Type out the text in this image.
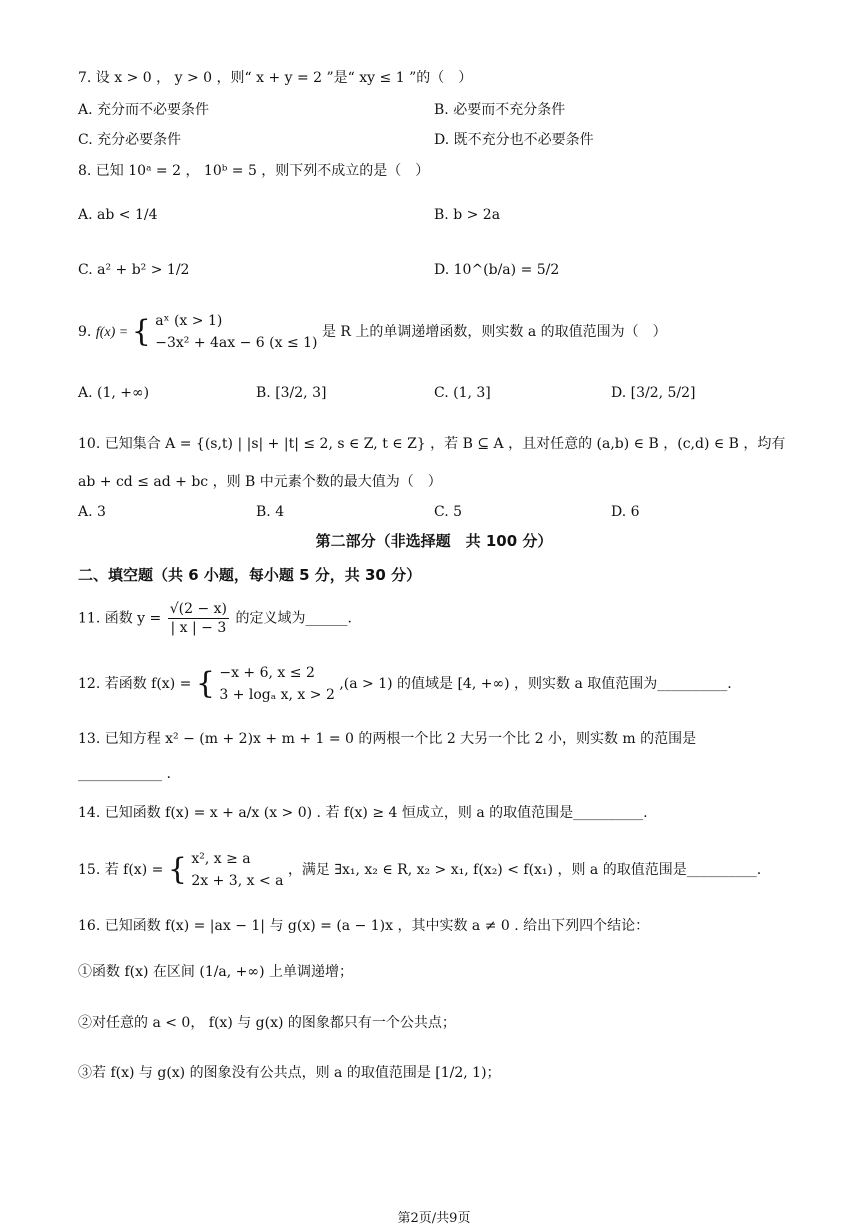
7. 设 x > 0 ， y > 0 ，则“ x + y = 2 ”是“ xy ≤ 1 ”的（　）
A. 充分而不必要条件	B. 必要而不充分条件
C. 充分必要条件	D. 既不充分也不必要条件
8. 已知 10ᵃ = 2 ， 10ᵇ = 5 ，则下列不成立的是（　）
A. ab < 1/4	B. b > 2a
C. a² + b² > 1/2	D. 10^(b/a) = 5/2
9. f(x) = { aˣ (x > 1)
−3x² + 4ax − 6 (x ≤ 1)
是 R 上的单调递增函数，则实数 a 的取值范围为（　）
A. (1, +∞)	B. [3/2, 3]	C. (1, 3]	D. [3/2, 5/2]
10. 已知集合 A = {(s,t) | |s| + |t| ≤ 2, s ∈ Z, t ∈ Z} ，若 B ⊆ A ，且对任意的 (a,b) ∈ B ，(c,d) ∈ B ，均有
ab + cd ≤ ad + bc ，则 B 中元素个数的最大值为（　）
A. 3	B. 4	C. 5	D. 6
第二部分（非选择题　共 100 分）
二、填空题（共 6 小题，每小题 5 分，共 30 分）
11. 函数 $y = \frac{√(2 - x)}{| x | - 3}$ 的定义域为______.
12. 若函数 f(x) = { −x + 6, x ≤ 2
3 + logₐ x, x > 2
,(a > 1) 的值域是 [4, +∞) ，则实数 a 取值范围为__________.
13. 已知方程 x² − (m + 2)x + m + 1 = 0 的两根一个比 2 大另一个比 2 小，则实数 m 的范围是
____________ .
14. 已知函数 f(x) = x + a/x (x > 0) . 若 f(x) ≥ 4 恒成立，则 a 的取值范围是__________.
15. 若 f(x) = { x², x ≥ a
2x + 3, x < a
，满足 ∃x₁, x₂ ∈ R, x₂ > x₁, f(x₂) < f(x₁) ，则 a 的取值范围是__________.
16. 已知函数 f(x) = |ax − 1| 与 g(x) = (a − 1)x ，其中实数 a ≠ 0 . 给出下列四个结论：
①函数 f(x) 在区间 (1/a, +∞) 上单调递增；
②对任意的 a < 0， f(x) 与 g(x) 的图象都只有一个公共点；
③若 f(x) 与 g(x) 的图象没有公共点，则 a 的取值范围是 [1/2, 1)；
第2页/共9页
